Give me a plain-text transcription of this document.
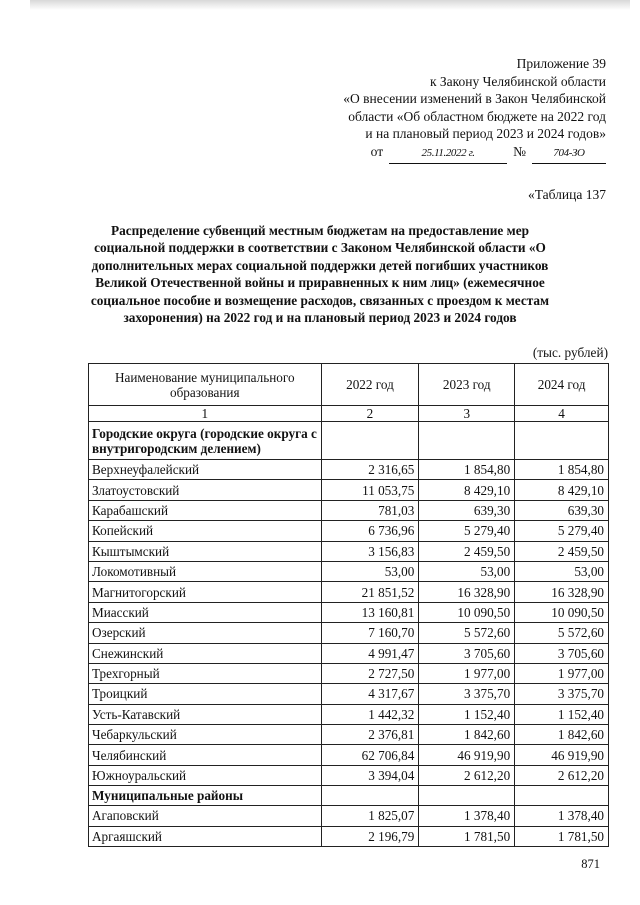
Приложение 39
к Закону Челябинской области
«О внесении изменений в Закон Челябинской
области «Об областном бюджете на 2022 год
и на плановый период 2023 и 2024 годов»
от	25.11.2022 г.	№	704-ЗО
«Таблица 137
Распределение субвенций местным бюджетам на предоставление мер социальной поддержки в соответствии с Законом Челябинской области «О дополнительных мерах социальной поддержки детей погибших участников Великой Отечественной войны и приравненных к ним лиц» (ежемесячное социальное пособие и возмещение расходов, связанных с проездом к местам захоронения) на 2022 год и на плановый период 2023 и 2024 годов
(тыс. рублей)
Наименование муниципального образования	2022 год	2023 год	2024 год
1	2	3	4
Городские округа (городские округа с внутригородским делением)			
Верхнеуфалейский	2 316,65	1 854,80	1 854,80
Златоустовский	11 053,75	8 429,10	8 429,10
Карабашский	781,03	639,30	639,30
Копейский	6 736,96	5 279,40	5 279,40
Кыштымский	3 156,83	2 459,50	2 459,50
Локомотивный	53,00	53,00	53,00
Магнитогорский	21 851,52	16 328,90	16 328,90
Миасский	13 160,81	10 090,50	10 090,50
Озерский	7 160,70	5 572,60	5 572,60
Снежинский	4 991,47	3 705,60	3 705,60
Трехгорный	2 727,50	1 977,00	1 977,00
Троицкий	4 317,67	3 375,70	3 375,70
Усть-Катавский	1 442,32	1 152,40	1 152,40
Чебаркульский	2 376,81	1 842,60	1 842,60
Челябинский	62 706,84	46 919,90	46 919,90
Южноуральский	3 394,04	2 612,20	2 612,20
Муниципальные районы			
Агаповский	1 825,07	1 378,40	1 378,40
Аргаяшский	2 196,79	1 781,50	1 781,50
871
